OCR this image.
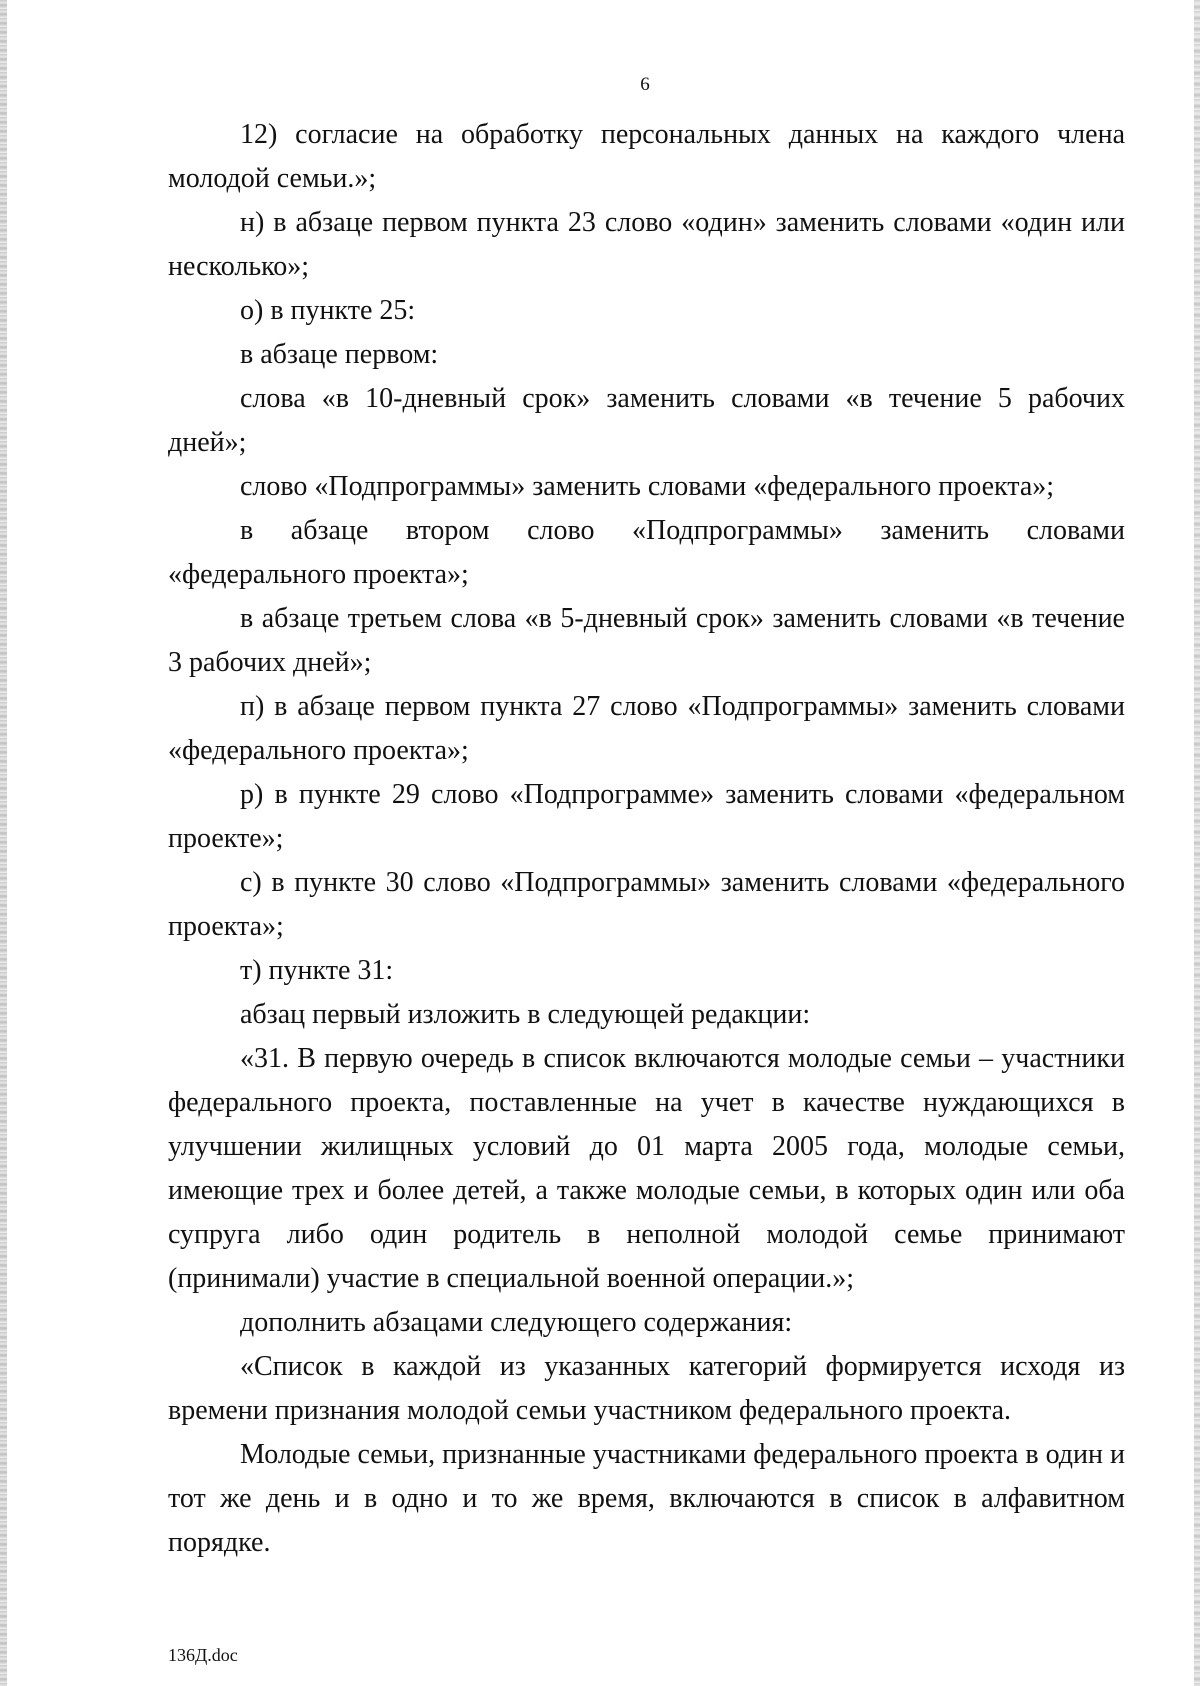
6

12) согласие на обработку персональных данных на каждого члена молодой семьи.»;

н) в абзаце первом пункта 23 слово «один» заменить словами «один или несколько»;

о) в пункте 25:

в абзаце первом:

слова «в 10-дневный срок» заменить словами «в течение 5 рабочих дней»;

слово «Подпрограммы» заменить словами «федерального проекта»;

в абзаце втором слово «Подпрограммы» заменить словами «федерального проекта»;

в абзаце третьем слова «в 5-дневный срок» заменить словами «в течение 3 рабочих дней»;

п) в абзаце первом пункта 27 слово «Подпрограммы» заменить словами «федерального проекта»;

р) в пункте 29 слово «Подпрограмме» заменить словами «федеральном проекте»;

с) в пункте 30 слово «Подпрограммы» заменить словами «федерального проекта»;

т) пункте 31:

абзац первый изложить в следующей редакции:

«31. В первую очередь в список включаются молодые семьи – участники федерального проекта, поставленные на учет в качестве нуждающихся в улучшении жилищных условий до 01 марта 2005 года, молодые семьи, имеющие трех и более детей, а также молодые семьи, в которых один или оба супруга либо один родитель в неполной молодой семье принимают (принимали) участие в специальной военной операции.»;

дополнить абзацами следующего содержания:

«Список в каждой из указанных категорий формируется исходя из времени признания молодой семьи участником федерального проекта.

Молодые семьи, признанные участниками федерального проекта в один и тот же день и в одно и то же время, включаются в список в алфавитном порядке.

136Д.doc
